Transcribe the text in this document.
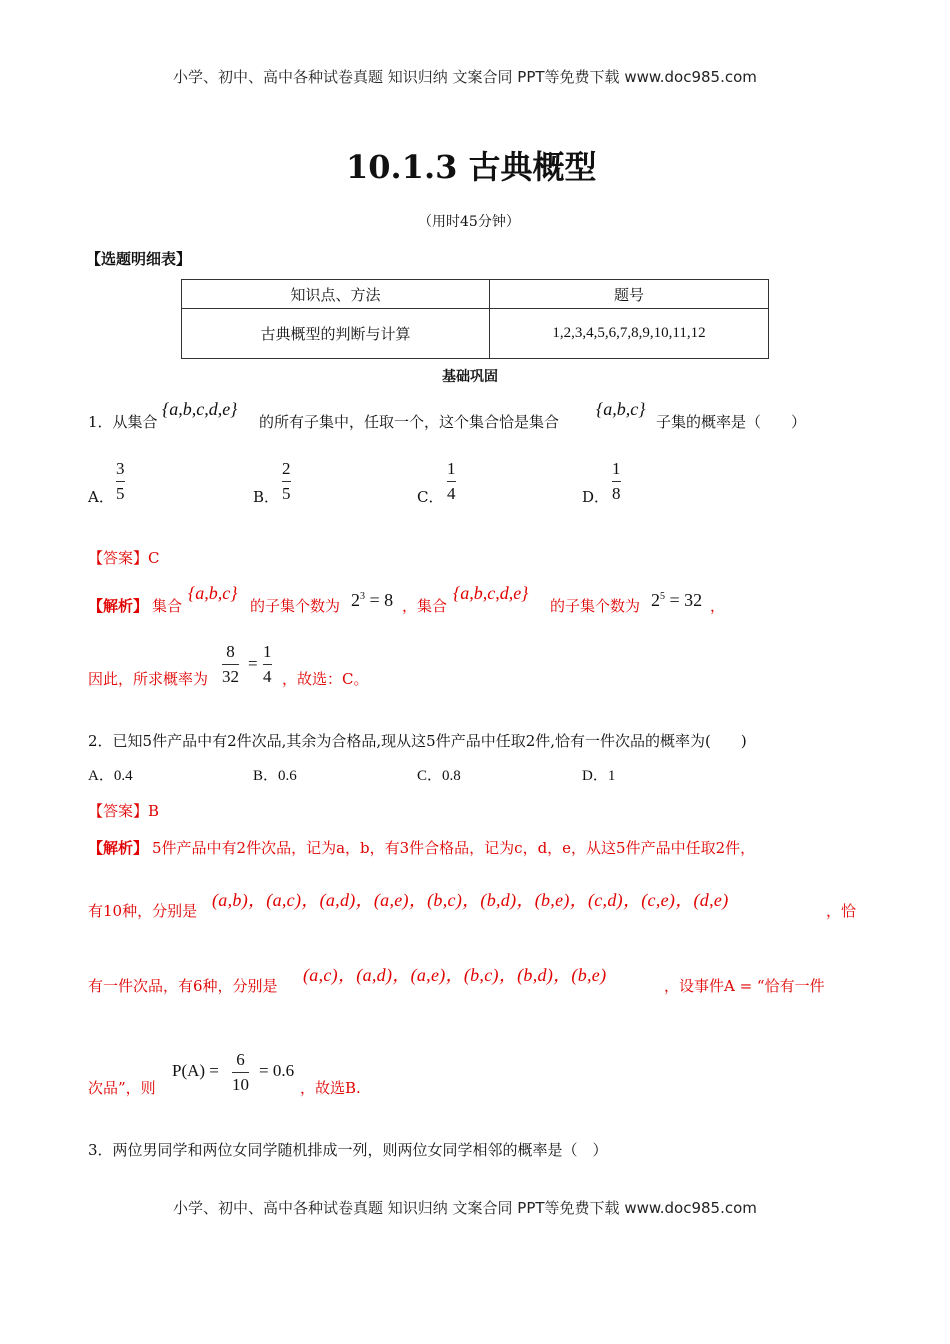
小学、初中、高中各种试卷真题 知识归纳 文案合同 PPT等免费下载 www.doc985.com
10.1.3 古典概型
（用时45分钟）
【选题明细表】
知识点、方法	题号
古典概型的判断与计算	1,2,3,4,5,6,7,8,9,10,11,12
基础巩固
1．从集合
{a,b,c,d,e}
的所有子集中，任取一个，这个集合恰是集合
{a,b,c}
子集的概率是（　　）
A．
3
5	B．
2
5	C．
1
4	D．
1
8
【答案】C
【解析】 集合
{a,b,c}
的子集个数为 $2^3 = 8$ ，集合
{a,b,c,d,e}
的子集个数为 $2^5 = 32$ ，
因此，所求概率为
8
32
=
1
4 ，故选：C。
2．已知5件产品中有2件次品,其余为合格品,现从这5件产品中任取2件,恰有一件次品的概率为(　　)
A．0.4	B．0.6	C．0.8	D．1
【答案】B
【解析】 5件产品中有2件次品，记为a，b，有3件合格品，记为c，d，e，从这5件产品中任取2件，
有10种，分别是
(a,b)，(a,c)，(a,d)，(a,e)，(b,c)，(b,d)，(b,e)，(c,d)，(c,e)，(d,e)
，恰
有一件次品，有6种，分别是
(a,c)，(a,d)，(a,e)，(b,c)，(b,d)，(b,e)
，设事件A = “恰有一件
次品”，则
P(A) =
6
10
= 0.6
，故选B.
3．两位男同学和两位女同学随机排成一列，则两位女同学相邻的概率是（　）
小学、初中、高中各种试卷真题 知识归纳 文案合同 PPT等免费下载 www.doc985.com
